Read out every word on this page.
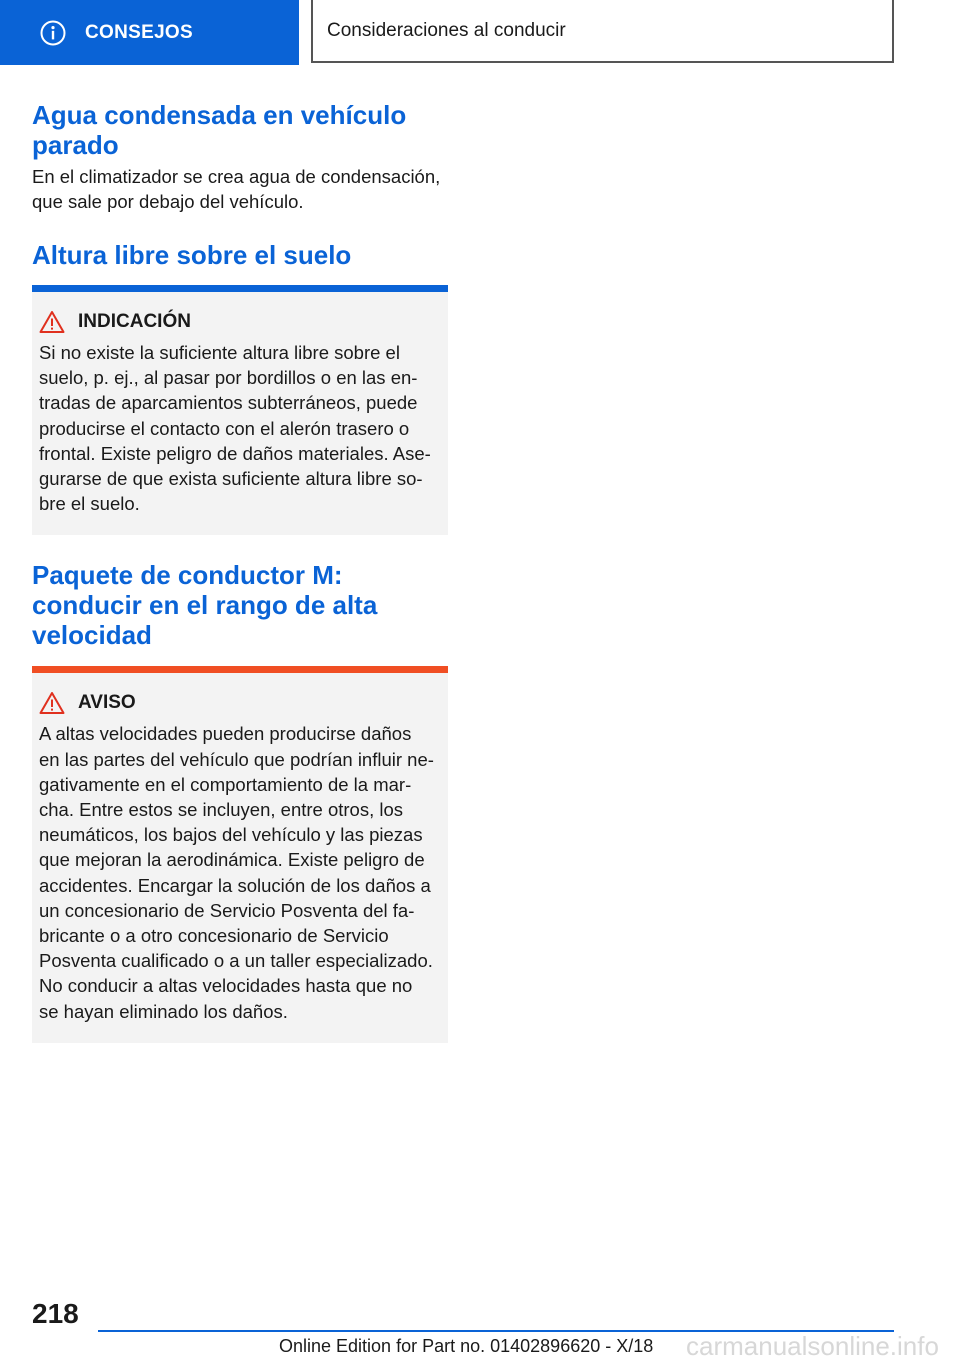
CONSEJOS	Consideraciones al conducir
Agua condensada en vehículo
parado

En el climatizador se crea agua de condensación,
que sale por debajo del vehículo.

Altura libre sobre el suelo
INDICACIÓN

Si no existe la suficiente altura libre sobre el
suelo, p. ej., al pasar por bordillos o en las en-
tradas de aparcamientos subterráneos, puede
producirse el contacto con el alerón trasero o
frontal. Existe peligro de daños materiales. Ase-
gurarse de que exista suficiente altura libre so-
bre el suelo.

Paquete de conductor M:
conducir en el rango de alta
velocidad
AVISO

A altas velocidades pueden producirse daños
en las partes del vehículo que podrían influir ne-
gativamente en el comportamiento de la mar-
cha. Entre estos se incluyen, entre otros, los
neumáticos, los bajos del vehículo y las piezas
que mejoran la aerodinámica. Existe peligro de
accidentes. Encargar la solución de los daños a
un concesionario de Servicio Posventa del fa-
bricante o a otro concesionario de Servicio
Posventa cualificado o a un taller especializado.
No conducir a altas velocidades hasta que no
se hayan eliminado los daños.

218
Online Edition for Part no. 01402896620 - X/18 carmanualsonline.info
